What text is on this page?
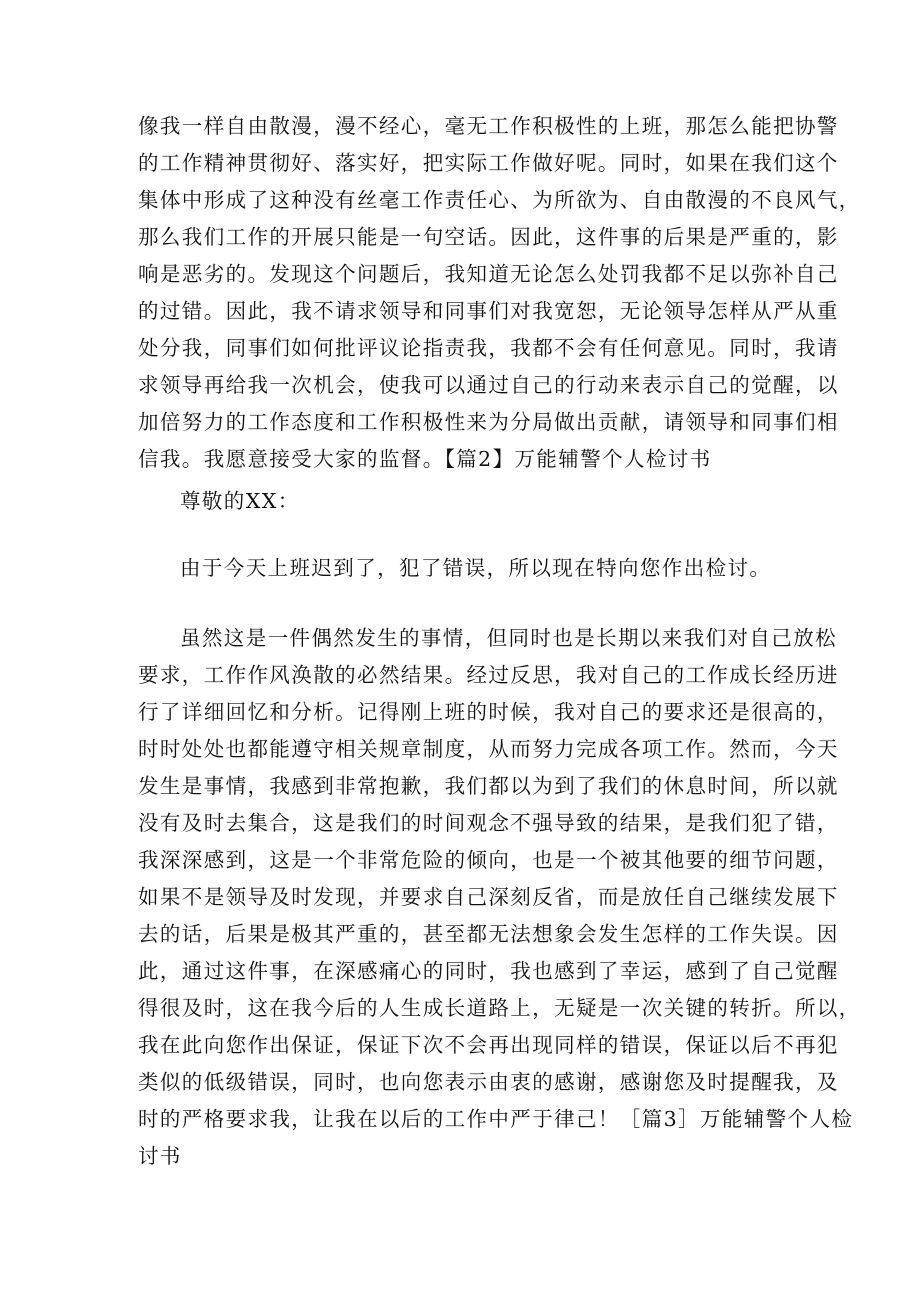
像我一样自由散漫，漫不经心，毫无工作积极性的上班，那怎么能把协警
的工作精神贯彻好、落实好，把实际工作做好呢。同时，如果在我们这个
集体中形成了这种没有丝毫工作责任心、为所欲为、自由散漫的不良风气，
那么我们工作的开展只能是一句空话。因此，这件事的后果是严重的，影
响是恶劣的。发现这个问题后，我知道无论怎么处罚我都不足以弥补自己
的过错。因此，我不请求领导和同事们对我宽恕，无论领导怎样从严从重
处分我，同事们如何批评议论指责我，我都不会有任何意见。同时，我请
求领导再给我一次机会，使我可以通过自己的行动来表示自己的觉醒，以
加倍努力的工作态度和工作积极性来为分局做出贡献，请领导和同事们相
信我。我愿意接受大家的监督。【篇2】万能辅警个人检讨书
尊敬的XX：
由于今天上班迟到了，犯了错误，所以现在特向您作出检讨。
虽然这是一件偶然发生的事情，但同时也是长期以来我们对自己放松
要求，工作作风涣散的必然结果。经过反思，我对自己的工作成长经历进
行了详细回忆和分析。记得刚上班的时候，我对自己的要求还是很高的，
时时处处也都能遵守相关规章制度，从而努力完成各项工作。然而，今天
发生是事情，我感到非常抱歉，我们都以为到了我们的休息时间，所以就
没有及时去集合，这是我们的时间观念不强导致的结果，是我们犯了错，
我深深感到，这是一个非常危险的倾向，也是一个被其他要的细节问题，
如果不是领导及时发现，并要求自己深刻反省，而是放任自己继续发展下
去的话，后果是极其严重的，甚至都无法想象会发生怎样的工作失误。因
此，通过这件事，在深感痛心的同时，我也感到了幸运，感到了自己觉醒
得很及时，这在我今后的人生成长道路上，无疑是一次关键的转折。所以，
我在此向您作出保证，保证下次不会再出现同样的错误，保证以后不再犯
类似的低级错误，同时，也向您表示由衷的感谢，感谢您及时提醒我，及
时的严格要求我，让我在以后的工作中严于律己！［篇3］万能辅警个人检
讨书
